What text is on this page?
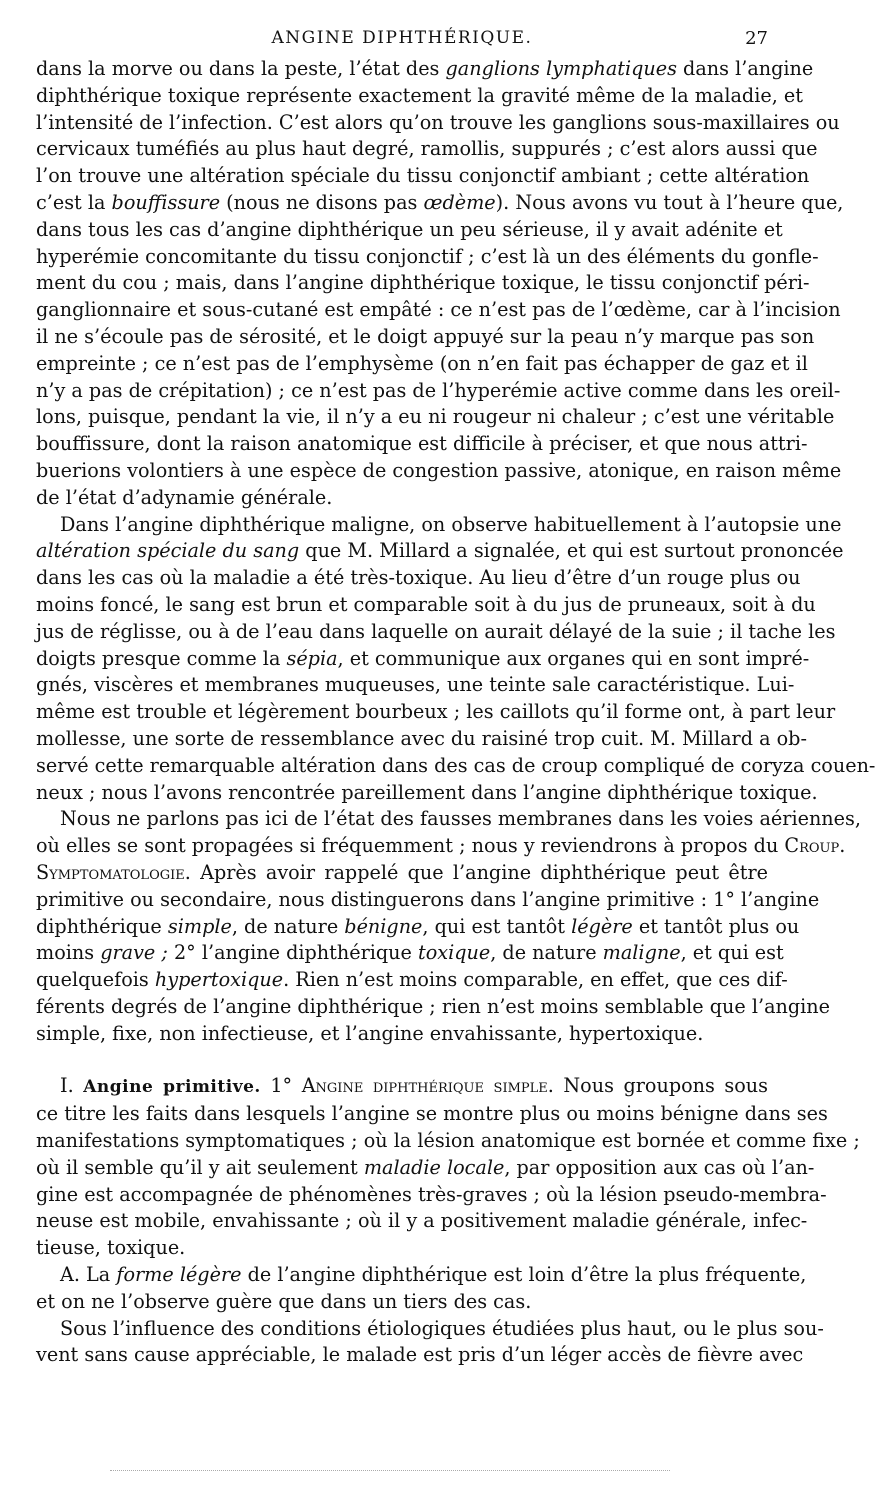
ANGINE DIPHTHÉRIQUE.	27
dans la morve ou dans la peste, l’état des ganglions lymphatiques dans l’angine
diphthérique toxique représente exactement la gravité même de la maladie, et
l’intensité de l’infection. C’est alors qu’on trouve les ganglions sous-maxillaires ou
cervicaux tuméfiés au plus haut degré, ramollis, suppurés ; c’est alors aussi que
l’on trouve une altération spéciale du tissu conjonctif ambiant ; cette altération
c’est la bouffissure (nous ne disons pas œdème). Nous avons vu tout à l’heure que,
dans tous les cas d’angine diphthérique un peu sérieuse, il y avait adénite et
hyperémie concomitante du tissu conjonctif ; c’est là un des éléments du gonfle-
ment du cou ; mais, dans l’angine diphthérique toxique, le tissu conjonctif péri-
ganglionnaire et sous-cutané est empâté : ce n’est pas de l’œdème, car à l’incision
il ne s’écoule pas de sérosité, et le doigt appuyé sur la peau n’y marque pas son
empreinte ; ce n’est pas de l’emphysème (on n’en fait pas échapper de gaz et il
n’y a pas de crépitation) ; ce n’est pas de l’hyperémie active comme dans les oreil-
lons, puisque, pendant la vie, il n’y a eu ni rougeur ni chaleur ; c’est une véritable
bouffissure, dont la raison anatomique est difficile à préciser, et que nous attri-
buerions volontiers à une espèce de congestion passive, atonique, en raison même
de l’état d’adynamie générale.
Dans l’angine diphthérique maligne, on observe habituellement à l’autopsie une
altération spéciale du sang que M. Millard a signalée, et qui est surtout prononcée
dans les cas où la maladie a été très-toxique. Au lieu d’être d’un rouge plus ou
moins foncé, le sang est brun et comparable soit à du jus de pruneaux, soit à du
jus de réglisse, ou à de l’eau dans laquelle on aurait délayé de la suie ; il tache les
doigts presque comme la sépia, et communique aux organes qui en sont impré-
gnés, viscères et membranes muqueuses, une teinte sale caractéristique. Lui-
même est trouble et légèrement bourbeux ; les caillots qu’il forme ont, à part leur
mollesse, une sorte de ressemblance avec du raisiné trop cuit. M. Millard a ob-
servé cette remarquable altération dans des cas de croup compliqué de coryza couen-
neux ; nous l’avons rencontrée pareillement dans l’angine diphthérique toxique.
Nous ne parlons pas ici de l’état des fausses membranes dans les voies aériennes,
où elles se sont propagées si fréquemment ; nous y reviendrons à propos du Croup.
Symptomatologie. Après avoir rappelé que l’angine diphthérique peut être
primitive ou secondaire, nous distinguerons dans l’angine primitive : 1° l’angine
diphthérique simple, de nature bénigne, qui est tantôt légère et tantôt plus ou
moins grave ; 2° l’angine diphthérique toxique, de nature maligne, et qui est
quelquefois hypertoxique. Rien n’est moins comparable, en effet, que ces dif-
férents degrés de l’angine diphthérique ; rien n’est moins semblable que l’angine
simple, fixe, non infectieuse, et l’angine envahissante, hypertoxique.
I. Angine primitive. 1° Angine diphthérique simple. Nous groupons sous
ce titre les faits dans lesquels l’angine se montre plus ou moins bénigne dans ses
manifestations symptomatiques ; où la lésion anatomique est bornée et comme fixe ;
où il semble qu’il y ait seulement maladie locale, par opposition aux cas où l’an-
gine est accompagnée de phénomènes très-graves ; où la lésion pseudo-membra-
neuse est mobile, envahissante ; où il y a positivement maladie générale, infec-
tieuse, toxique.
A. La forme légère de l’angine diphthérique est loin d’être la plus fréquente,
et on ne l’observe guère que dans un tiers des cas.
Sous l’influence des conditions étiologiques étudiées plus haut, ou le plus sou-
vent sans cause appréciable, le malade est pris d’un léger accès de fièvre avec
